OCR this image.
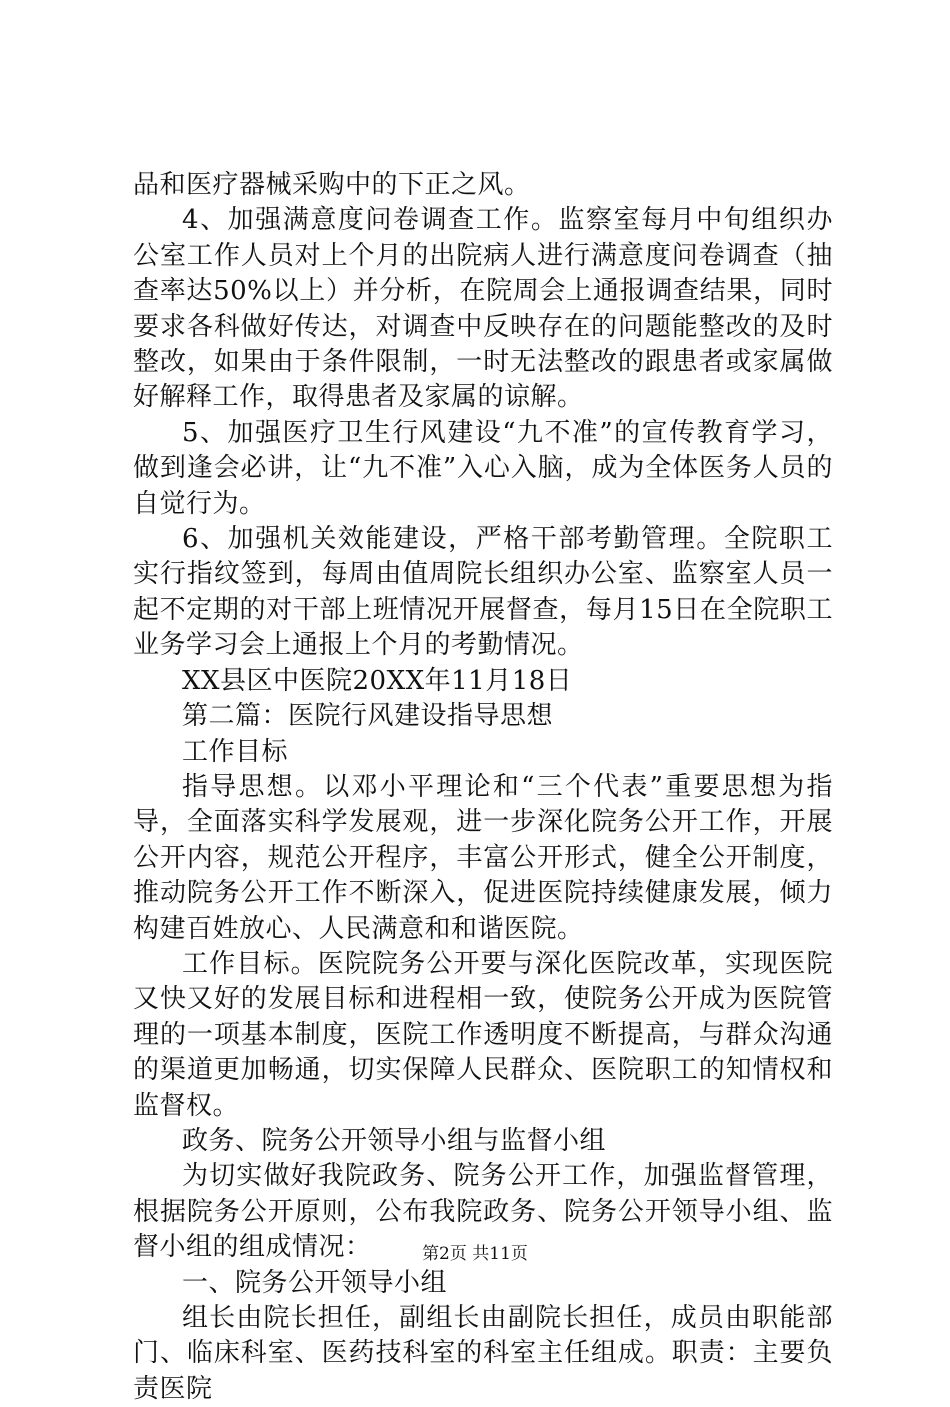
品和医疗器械采购中的下正之风。

4、加强满意度问卷调查工作。监察室每月中旬组织办公室工作人员对上个月的出院病人进行满意度问卷调查（抽查率达50%以上）并分析，在院周会上通报调查结果，同时要求各科做好传达，对调查中反映存在的问题能整改的及时整改，如果由于条件限制，一时无法整改的跟患者或家属做好解释工作，取得患者及家属的谅解。

5、加强医疗卫生行风建设“九不准”的宣传教育学习，做到逢会必讲，让“九不准”入心入脑，成为全体医务人员的自觉行为。

6、加强机关效能建设，严格干部考勤管理。全院职工实行指纹签到，每周由值周院长组织办公室、监察室人员一起不定期的对干部上班情况开展督查，每月15日在全院职工业务学习会上通报上个月的考勤情况。

XX县区中医院20XX年11月18日

第二篇：医院行风建设指导思想

工作目标

指导思想。以邓小平理论和“三个代表”重要思想为指导，全面落实科学发展观，进一步深化院务公开工作，开展公开内容，规范公开程序，丰富公开形式，健全公开制度，推动院务公开工作不断深入，促进医院持续健康发展，倾力构建百姓放心、人民满意和和谐医院。

工作目标。医院院务公开要与深化医院改革，实现医院又快又好的发展目标和进程相一致，使院务公开成为医院管理的一项基本制度，医院工作透明度不断提高，与群众沟通的渠道更加畅通，切实保障人民群众、医院职工的知情权和监督权。

政务、院务公开领导小组与监督小组

为切实做好我院政务、院务公开工作，加强监督管理，根据院务公开原则，公布我院政务、院务公开领导小组、监督小组的组成情况：

一、院务公开领导小组

组长由院长担任，副组长由副院长担任，成员由职能部门、临床科室、医药技科室的科室主任组成。职责：主要负责医院

第2页 共11页
